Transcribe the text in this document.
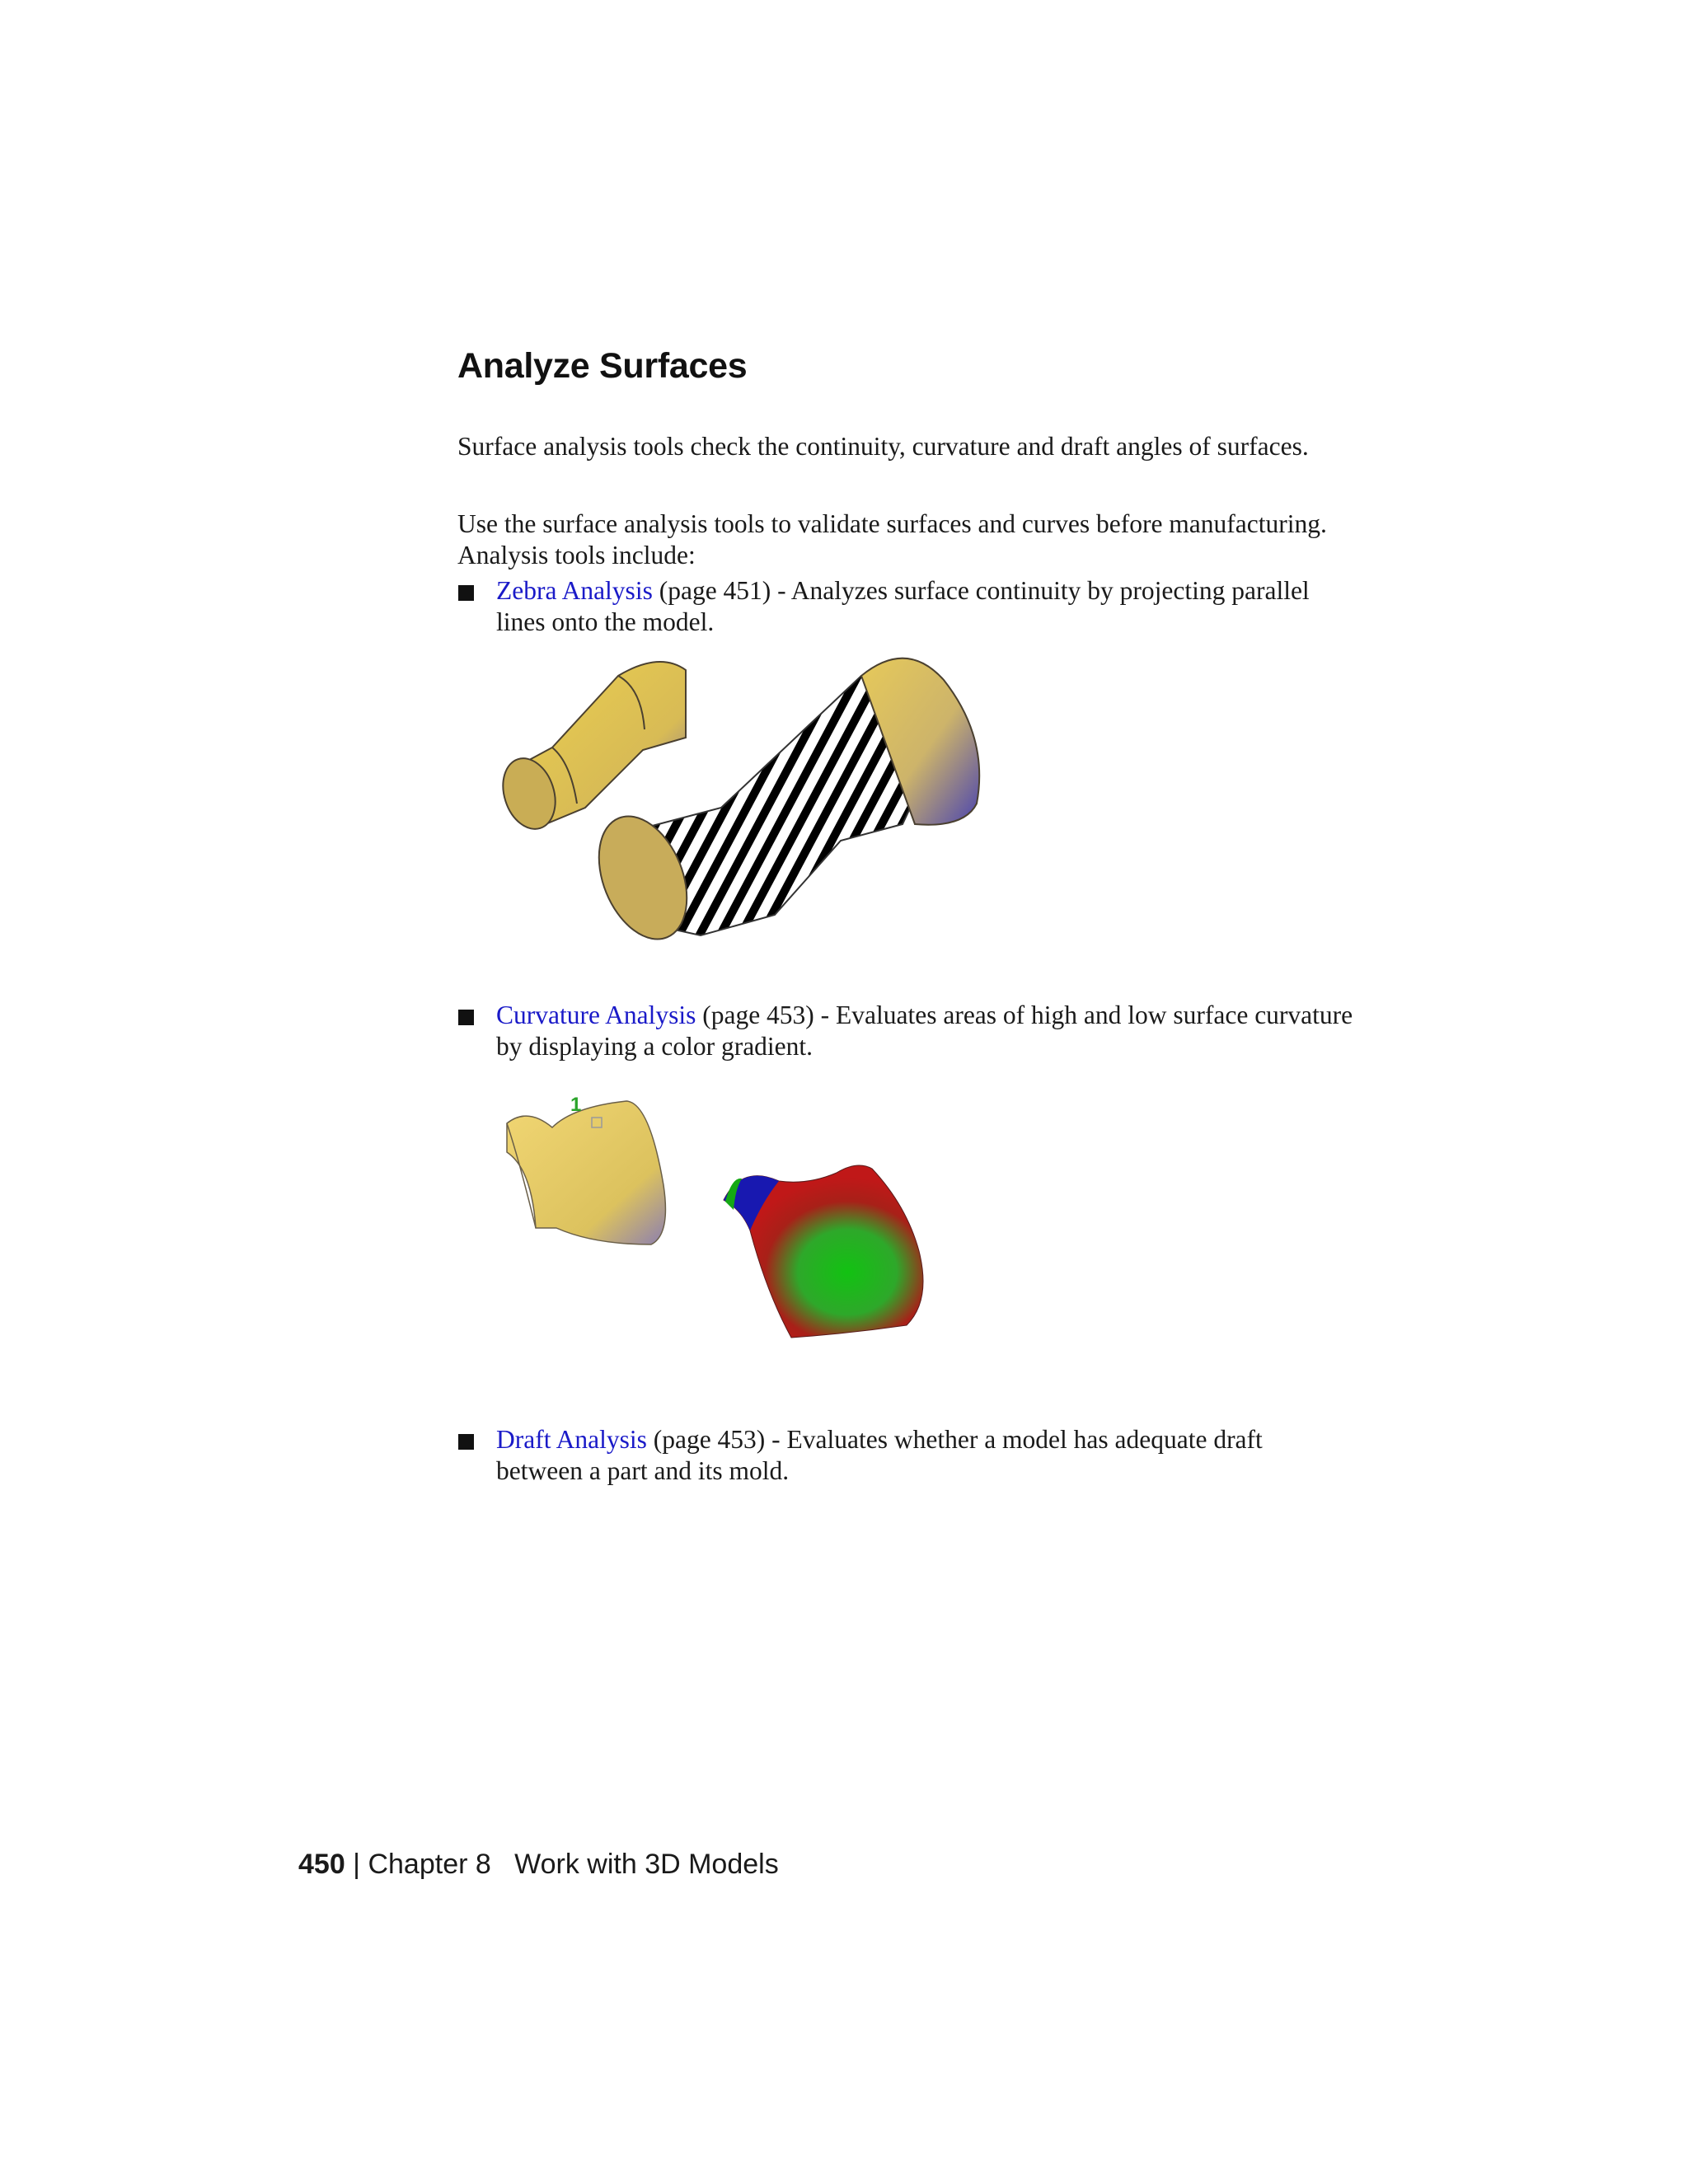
Analyze Surfaces

Surface analysis tools check the continuity, curvature and draft angles of surfaces.

Use the surface analysis tools to validate surfaces and curves before manufacturing. Analysis tools include:

Zebra Analysis (page 451) - Analyzes surface continuity by projecting parallel lines onto the model.

Curvature Analysis (page 453) - Evaluates areas of high and low surface curvature by displaying a color gradient.

1

Draft Analysis (page 453) - Evaluates whether a model has adequate draft between a part and its mold.

450 | Chapter 8 Work with 3D Models
